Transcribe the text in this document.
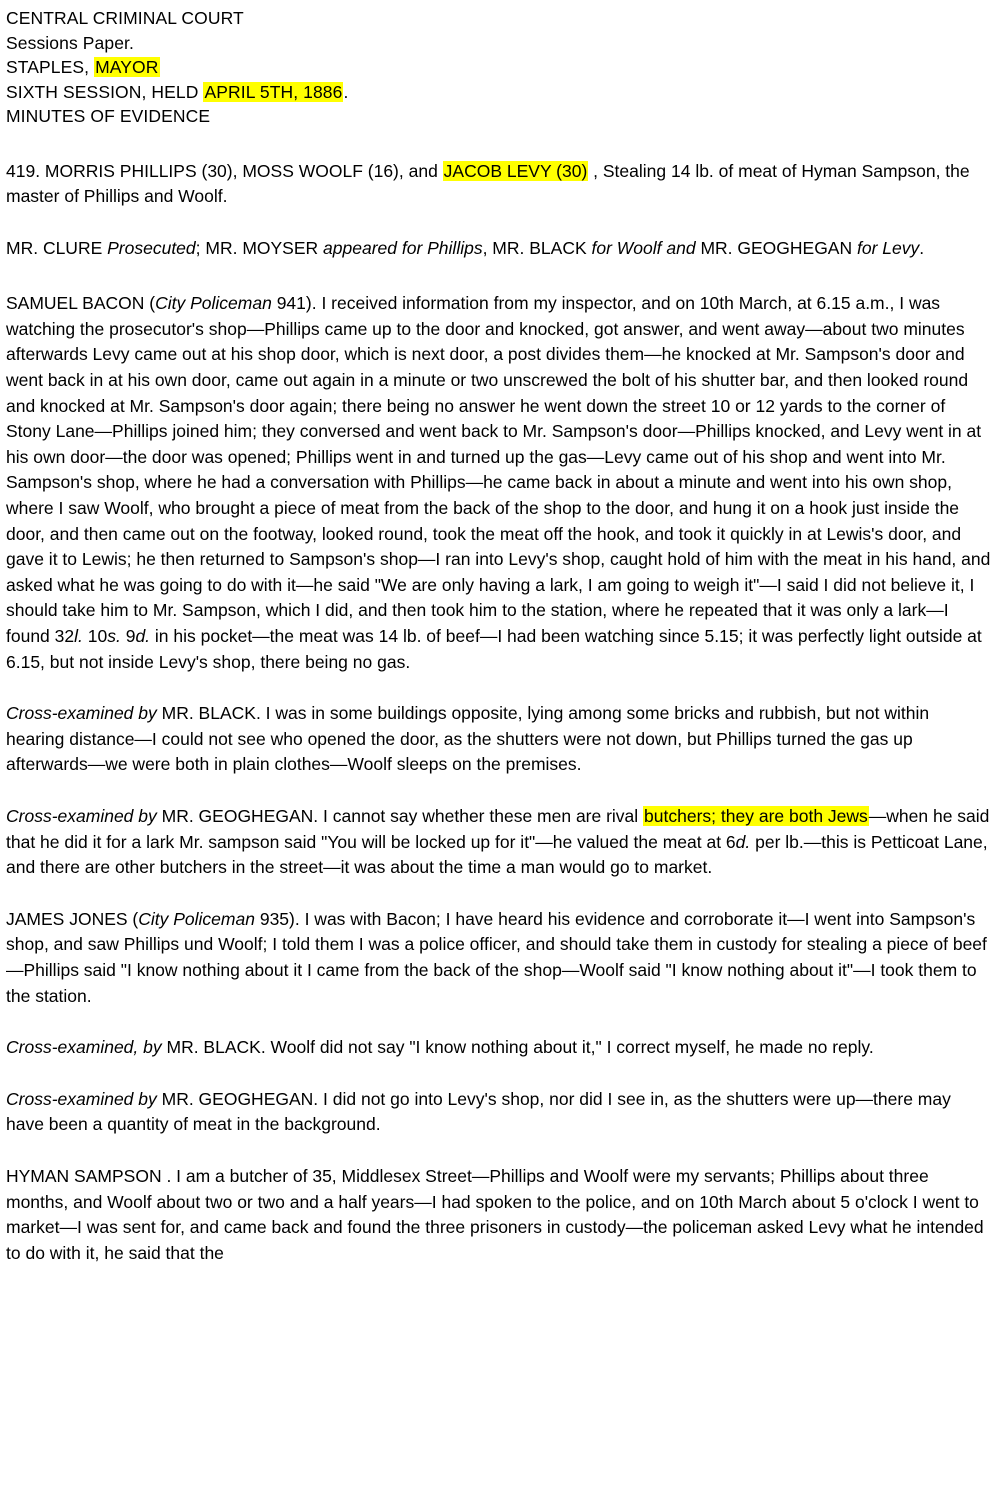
CENTRAL CRIMINAL COURT
Sessions Paper.
STAPLES, MAYOR
SIXTH SESSION, HELD APRIL 5TH, 1886.
MINUTES OF EVIDENCE

419. MORRIS PHILLIPS (30), MOSS WOOLF (16), and JACOB LEVY (30) , Stealing 14 lb. of meat of Hyman Sampson, the master of Phillips and Woolf.

MR. CLURE Prosecuted; MR. MOYSER appeared for Phillips, MR. BLACK for Woolf and MR. GEOGHEGAN for Levy.

SAMUEL BACON (City Policeman 941). I received information from my inspector, and on 10th March, at 6.15 a.m., I was watching the prosecutor's shop—Phillips came up to the door and knocked, got answer, and went away—about two minutes afterwards Levy came out at his shop door, which is next door, a post divides them—he knocked at Mr. Sampson's door and went back in at his own door, came out again in a minute or two unscrewed the bolt of his shutter bar, and then looked round and knocked at Mr. Sampson's door again; there being no answer he went down the street 10 or 12 yards to the corner of Stony Lane—Phillips joined him; they conversed and went back to Mr. Sampson's door—Phillips knocked, and Levy went in at his own door—the door was opened; Phillips went in and turned up the gas—Levy came out of his shop and went into Mr. Sampson's shop, where he had a conversation with Phillips—he came back in about a minute and went into his own shop, where I saw Woolf, who brought a piece of meat from the back of the shop to the door, and hung it on a hook just inside the door, and then came out on the footway, looked round, took the meat off the hook, and took it quickly in at Lewis's door, and gave it to Lewis; he then returned to Sampson's shop—I ran into Levy's shop, caught hold of him with the meat in his hand, and asked what he was going to do with it—he said "We are only having a lark, I am going to weigh it"—I said I did not believe it, I should take him to Mr. Sampson, which I did, and then took him to the station, where he repeated that it was only a lark—I found 32l. 10s. 9d. in his pocket—the meat was 14 lb. of beef—I had been watching since 5.15; it was perfectly light outside at 6.15, but not inside Levy's shop, there being no gas.

Cross-examined by MR. BLACK. I was in some buildings opposite, lying among some bricks and rubbish, but not within hearing distance—I could not see who opened the door, as the shutters were not down, but Phillips turned the gas up afterwards—we were both in plain clothes—Woolf sleeps on the premises.

Cross-examined by MR. GEOGHEGAN. I cannot say whether these men are rival butchers; they are both Jews—when he said that he did it for a lark Mr. sampson said "You will be locked up for it"—he valued the meat at 6d. per lb.—this is Petticoat Lane, and there are other butchers in the street—it was about the time a man would go to market.

JAMES JONES (City Policeman 935). I was with Bacon; I have heard his evidence and corroborate it—I went into Sampson's shop, and saw Phillips und Woolf; I told them I was a police officer, and should take them in custody for stealing a piece of beef—Phillips said "I know nothing about it I came from the back of the shop—Woolf said "I know nothing about it"—I took them to the station.

Cross-examined, by MR. BLACK. Woolf did not say "I know nothing about it," I correct myself, he made no reply.

Cross-examined by MR. GEOGHEGAN. I did not go into Levy's shop, nor did I see in, as the shutters were up—there may have been a quantity of meat in the background.

HYMAN SAMPSON . I am a butcher of 35, Middlesex Street—Phillips and Woolf were my servants; Phillips about three months, and Woolf about two or two and a half years—I had spoken to the police, and on 10th March about 5 o'clock I went to market—I was sent for, and came back and found the three prisoners in custody—the policeman asked Levy what he intended to do with it, he said that the
